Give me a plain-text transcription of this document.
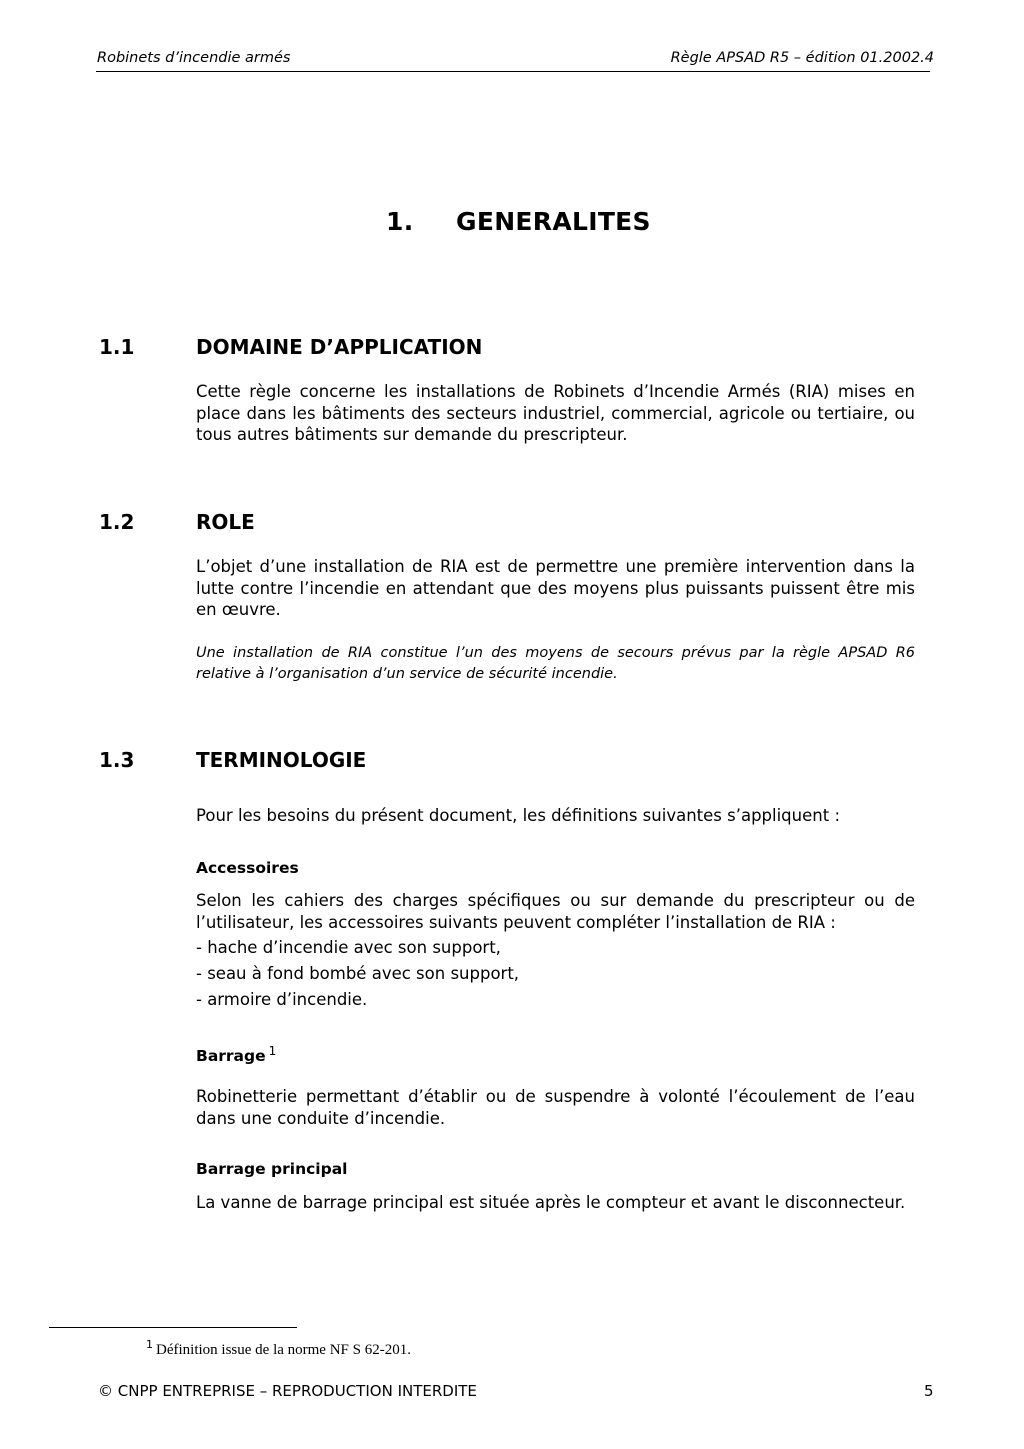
Robinets d’incendie armés	Règle APSAD R5 – édition 01.2002.4
1. GENERALITES
1.1	DOMAINE D’APPLICATION
Cette règle concerne les installations de Robinets d’Incendie Armés (RIA) mises en place dans les bâtiments des secteurs industriel, commercial, agricole ou tertiaire, ou tous autres bâtiments sur demande du prescripteur.
1.2	ROLE
L’objet d’une installation de RIA est de permettre une première intervention dans la lutte contre l’incendie en attendant que des moyens plus puissants puissent être mis en œuvre.
Une installation de RIA constitue l’un des moyens de secours prévus par la règle APSAD R6 relative à l’organisation d’un service de sécurité incendie.
1.3	TERMINOLOGIE
Pour les besoins du présent document, les définitions suivantes s’appliquent :
Accessoires
Selon les cahiers des charges spécifiques ou sur demande du prescripteur ou de l’utilisateur, les accessoires suivants peuvent compléter l’installation de RIA :
- hache d’incendie avec son support,
- seau à fond bombé avec son support,
- armoire d’incendie.
Barrage $^1$
Robinetterie permettant d’établir ou de suspendre à volonté l’écoulement de l’eau dans une conduite d’incendie.
Barrage principal
La vanne de barrage principal est située après le compteur et avant le disconnecteur.
$^1$ Définition issue de la norme NF S 62-201.
© CNPP ENTREPRISE – REPRODUCTION INTERDITE	5
